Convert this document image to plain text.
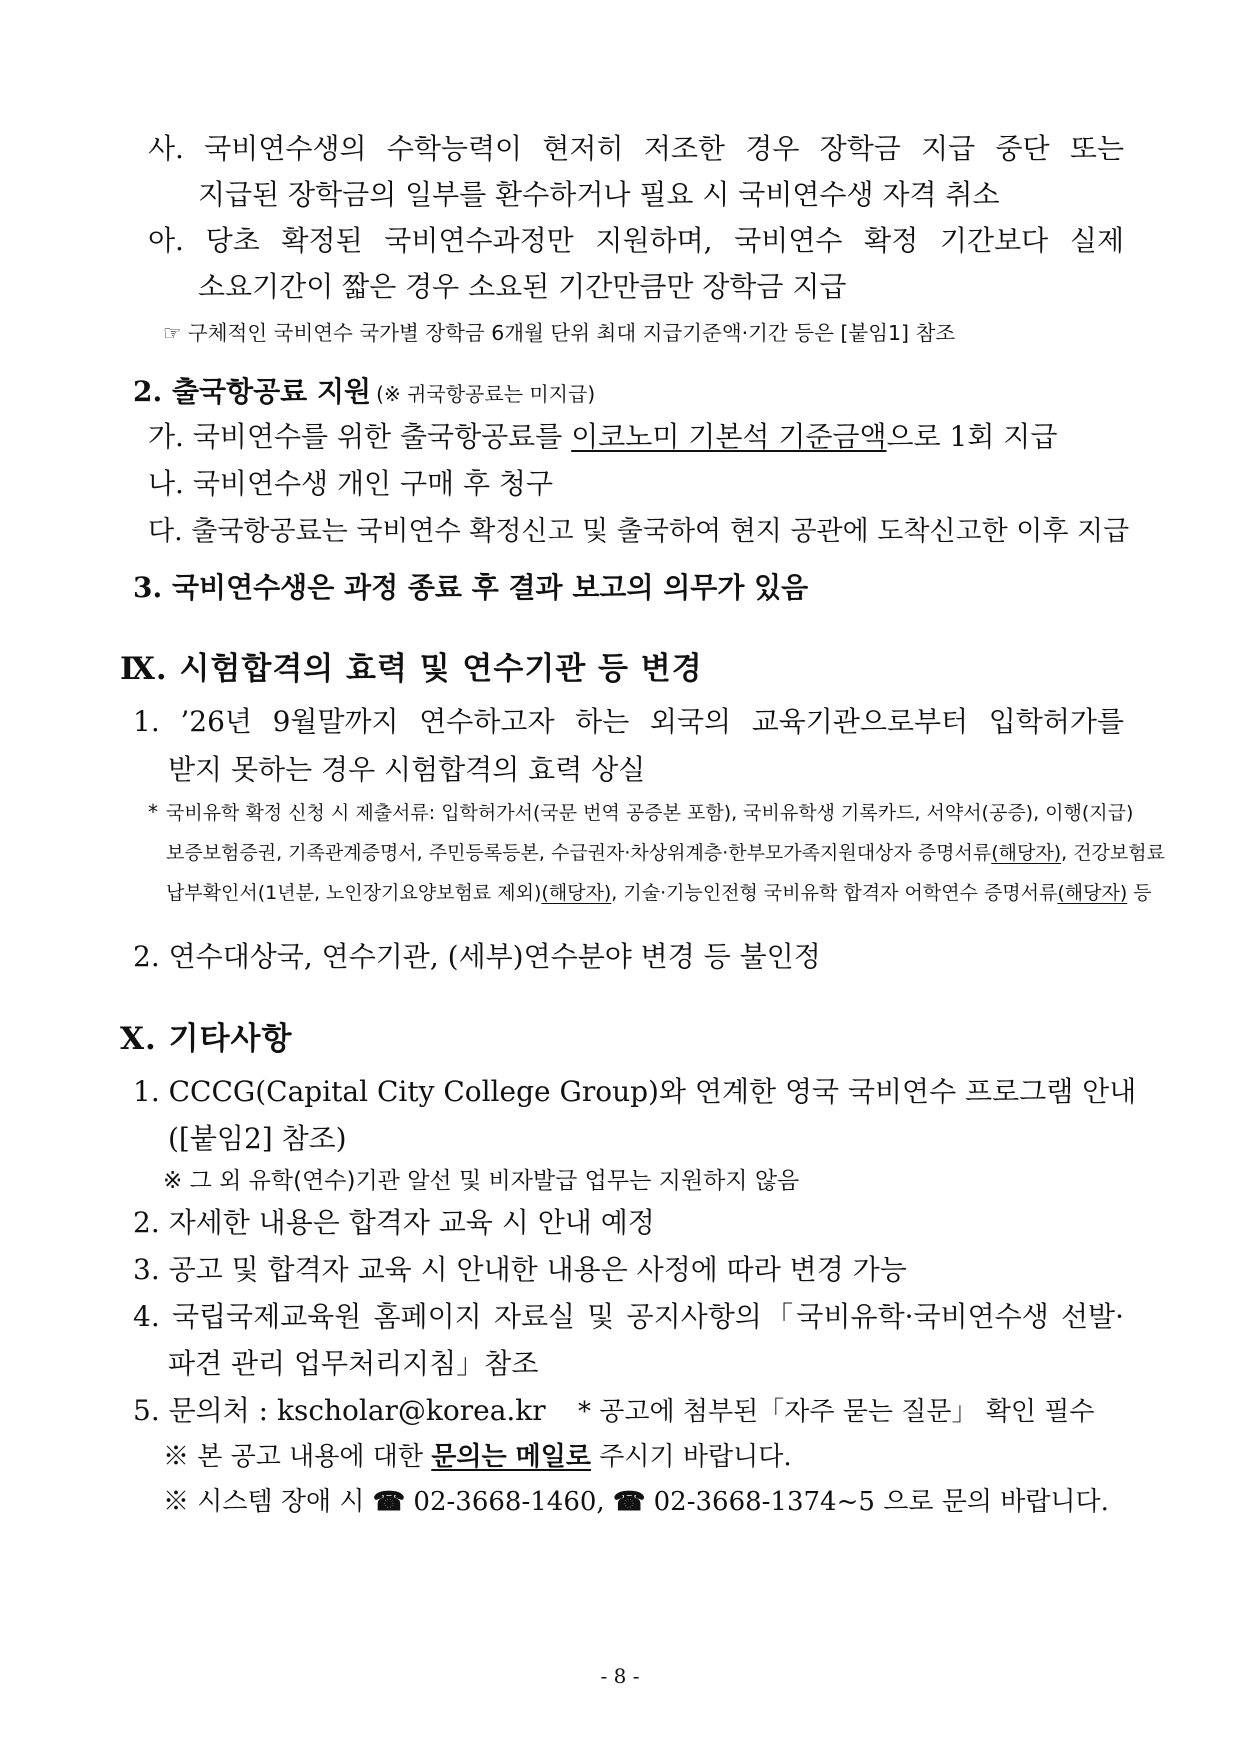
사. 국비연수생의 수학능력이 현저히 저조한 경우 장학금 지급 중단 또는
지급된 장학금의 일부를 환수하거나 필요 시 국비연수생 자격 취소
아. 당초 확정된 국비연수과정만 지원하며, 국비연수 확정 기간보다 실제
소요기간이 짧은 경우 소요된 기간만큼만 장학금 지급
☞ 구체적인 국비연수 국가별 장학금 6개월 단위 최대 지급기준액·기간 등은 [붙임1] 참조
2. 출국항공료 지원 (※ 귀국항공료는 미지급)
가. 국비연수를 위한 출국항공료를 이코노미 기본석 기준금액으로 1회 지급
나. 국비연수생 개인 구매 후 청구
다. 출국항공료는 국비연수 확정신고 및 출국하여 현지 공관에 도착신고한 이후 지급
3. 국비연수생은 과정 종료 후 결과 보고의 의무가 있음
Ⅸ. 시험합격의 효력 및 연수기관 등 변경
1. ’26년 9월말까지 연수하고자 하는 외국의 교육기관으로부터 입학허가를
받지 못하는 경우 시험합격의 효력 상실
* 국비유학 확정 신청 시 제출서류: 입학허가서(국문 번역 공증본 포함), 국비유학생 기록카드, 서약서(공증), 이행(지급)
보증보험증권, 기족관계증명서, 주민등록등본, 수급권자·차상위계층·한부모가족지원대상자 증명서류(해당자), 건강보험료
납부확인서(1년분, 노인장기요양보험료 제외)(해당자), 기술·기능인전형 국비유학 합격자 어학연수 증명서류(해당자) 등
2. 연수대상국, 연수기관, (세부)연수분야 변경 등 불인정
Ⅹ. 기타사항
1. CCCG(Capital City College Group)와 연계한 영국 국비연수 프로그램 안내
([붙임2] 참조)
※ 그 외 유학(연수)기관 알선 및 비자발급 업무는 지원하지 않음
2. 자세한 내용은 합격자 교육 시 안내 예정
3. 공고 및 합격자 교육 시 안내한 내용은 사정에 따라 변경 가능
4. 국립국제교육원 홈페이지 자료실 및 공지사항의「국비유학·국비연수생 선발·
파견 관리 업무처리지침」참조
5. 문의처 : kscholar@korea.kr * 공고에 첨부된「자주 묻는 질문」 확인 필수
※ 본 공고 내용에 대한 문의는 메일로 주시기 바랍니다.
※ 시스템 장애 시 ☎ 02-3668-1460, ☎ 02-3668-1374~5 으로 문의 바랍니다.
- 8 -
